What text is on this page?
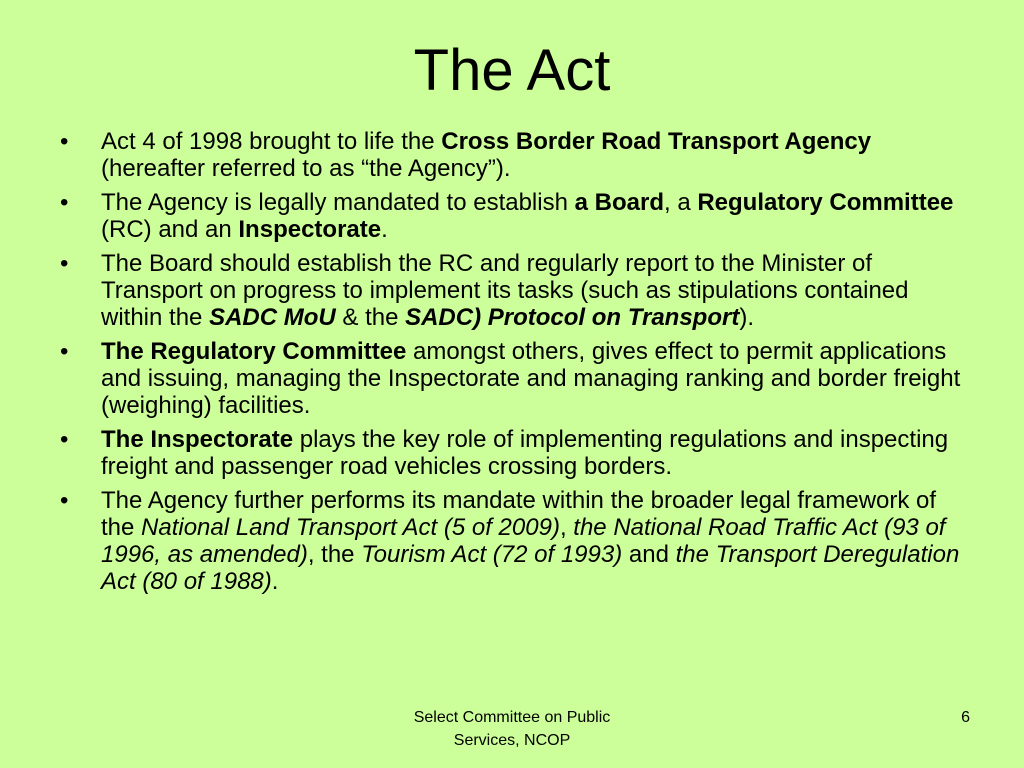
The Act
•	Act 4 of 1998 brought to life the Cross Border Road Transport Agency (hereafter referred to as “the Agency”).
•	The Agency is legally mandated to establish a Board, a Regulatory Committee (RC) and an Inspectorate.
•	The Board should establish the RC and regularly report to the Minister of Transport on progress to implement its tasks (such as stipulations contained within the SADC MoU & the SADC) Protocol on Transport).
•	The Regulatory Committee amongst others, gives effect to permit applications and issuing, managing the Inspectorate and managing ranking and border freight (weighing) facilities.
•	The Inspectorate plays the key role of implementing regulations and inspecting freight and passenger road vehicles crossing borders.
•	The Agency further performs its mandate within the broader legal framework of the National Land Transport Act (5 of 2009), the National Road Traffic Act (93 of 1996, as amended), the Tourism Act (72 of 1993) and the Transport Deregulation Act (80 of 1988).
Select Committee on Public
Services, NCOP
6
